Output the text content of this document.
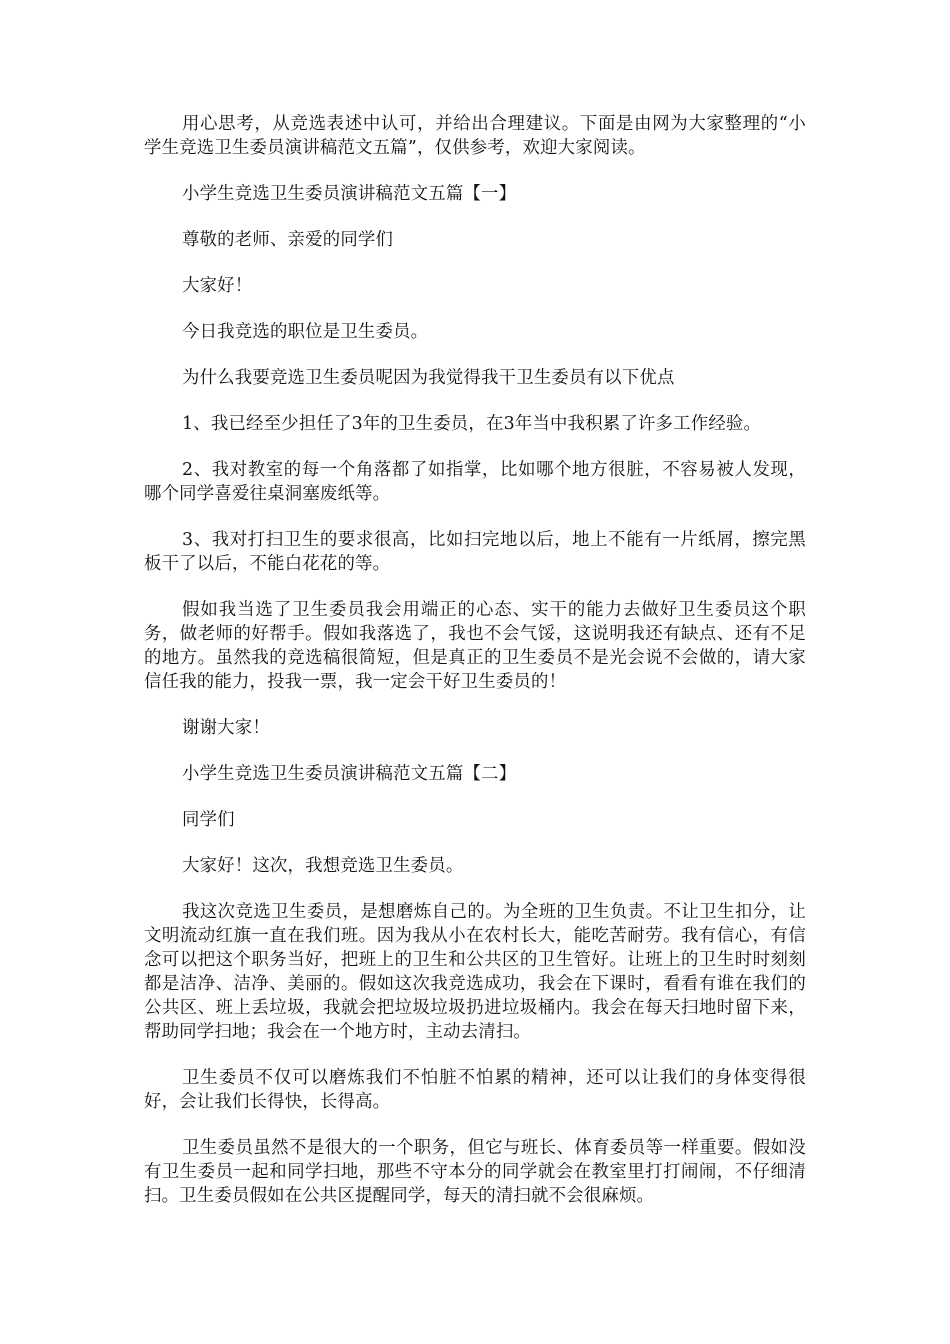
用心思考，从竞选表述中认可，并给出合理建议。下面是由网为大家整理的“小学生竞选卫生委员演讲稿范文五篇”，仅供参考，欢迎大家阅读。

小学生竞选卫生委员演讲稿范文五篇【一】

尊敬的老师、亲爱的同学们

大家好！

今日我竞选的职位是卫生委员。

为什么我要竞选卫生委员呢因为我觉得我干卫生委员有以下优点

1、我已经至少担任了3年的卫生委员，在3年当中我积累了许多工作经验。

2、我对教室的每一个角落都了如指掌，比如哪个地方很脏，不容易被人发现，哪个同学喜爱往桌洞塞废纸等。

3、我对打扫卫生的要求很高，比如扫完地以后，地上不能有一片纸屑，擦完黑板干了以后，不能白花花的等。

假如我当选了卫生委员我会用端正的心态、实干的能力去做好卫生委员这个职务，做老师的好帮手。假如我落选了，我也不会气馁，这说明我还有缺点、还有不足的地方。虽然我的竞选稿很简短，但是真正的卫生委员不是光会说不会做的，请大家信任我的能力，投我一票，我一定会干好卫生委员的！

谢谢大家！

小学生竞选卫生委员演讲稿范文五篇【二】

同学们

大家好！这次，我想竞选卫生委员。

我这次竞选卫生委员，是想磨炼自己的。为全班的卫生负责。不让卫生扣分，让文明流动红旗一直在我们班。因为我从小在农村长大，能吃苦耐劳。我有信心，有信念可以把这个职务当好，把班上的卫生和公共区的卫生管好。让班上的卫生时时刻刻都是洁净、洁净、美丽的。假如这次我竞选成功，我会在下课时，看看有谁在我们的公共区、班上丢垃圾，我就会把垃圾垃圾扔进垃圾桶内。我会在每天扫地时留下来，帮助同学扫地；我会在一个地方时，主动去清扫。

卫生委员不仅可以磨炼我们不怕脏不怕累的精神，还可以让我们的身体变得很好，会让我们长得快，长得高。

卫生委员虽然不是很大的一个职务，但它与班长、体育委员等一样重要。假如没有卫生委员一起和同学扫地，那些不守本分的同学就会在教室里打打闹闹，不仔细清扫。卫生委员假如在公共区提醒同学，每天的清扫就不会很麻烦。
